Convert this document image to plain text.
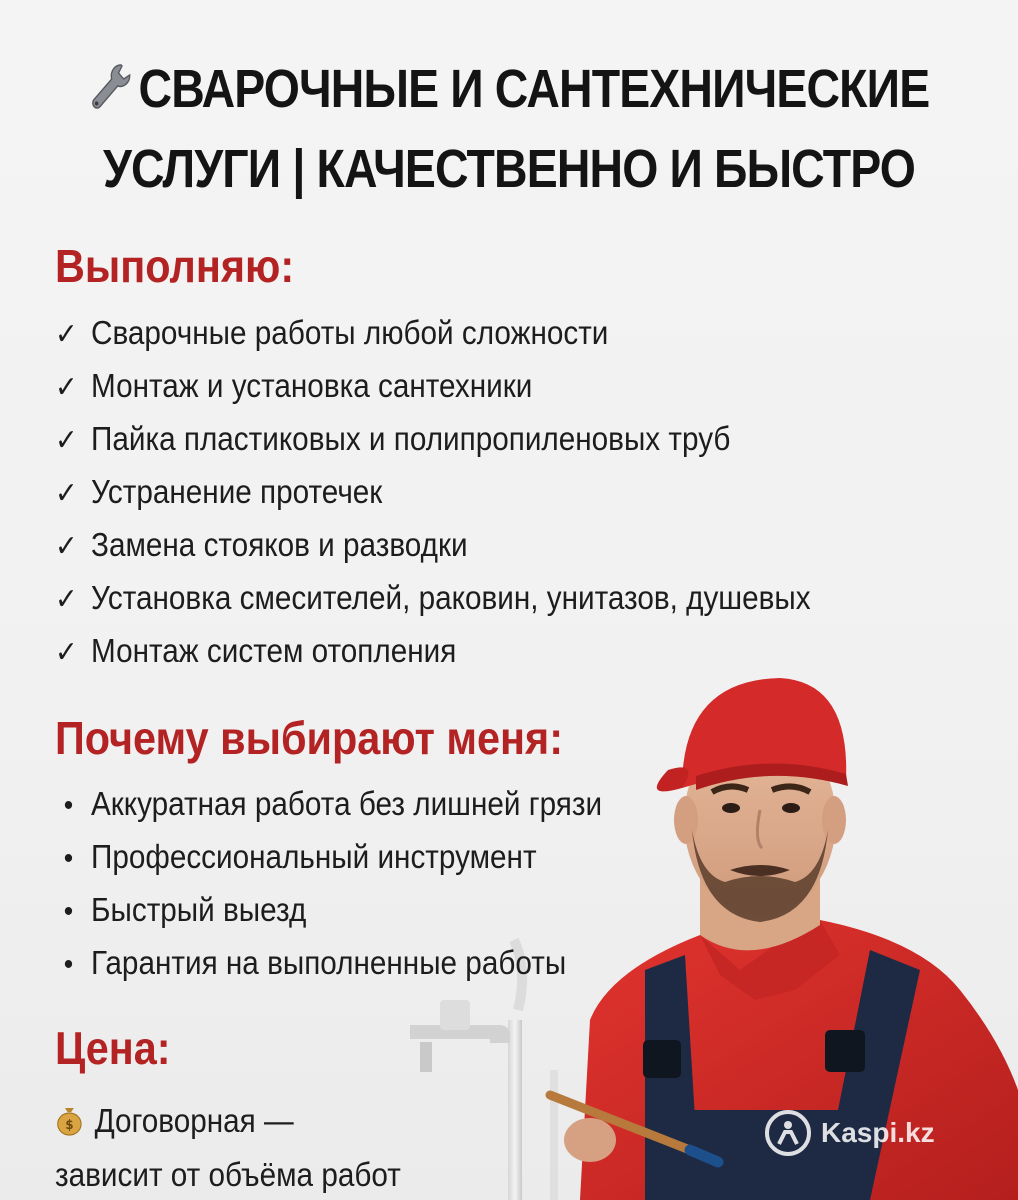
СВАРОЧНЫЕ И САНТЕХНИЧЕСКИЕ
УСЛУГИ | КАЧЕСТВЕННО И БЫСТРО
Выполняю:
✓ Сварочные работы любой сложности
✓ Монтаж и установка сантехники
✓ Пайка пластиковых и полипропиленовых труб
✓ Устранение протечек
✓ Замена стояков и разводки
✓ Установка смесителей, раковин, унитазов, душевых
✓ Монтаж систем отопления
Почему выбирают меня:
• Аккуратная работа без лишней грязи
• Профессиональный инструмент
• Быстрый выезд
• Гарантия на выполненные работы
Цена:
$ Договорная —
зависит от объёма работ
Kaspi.kz
